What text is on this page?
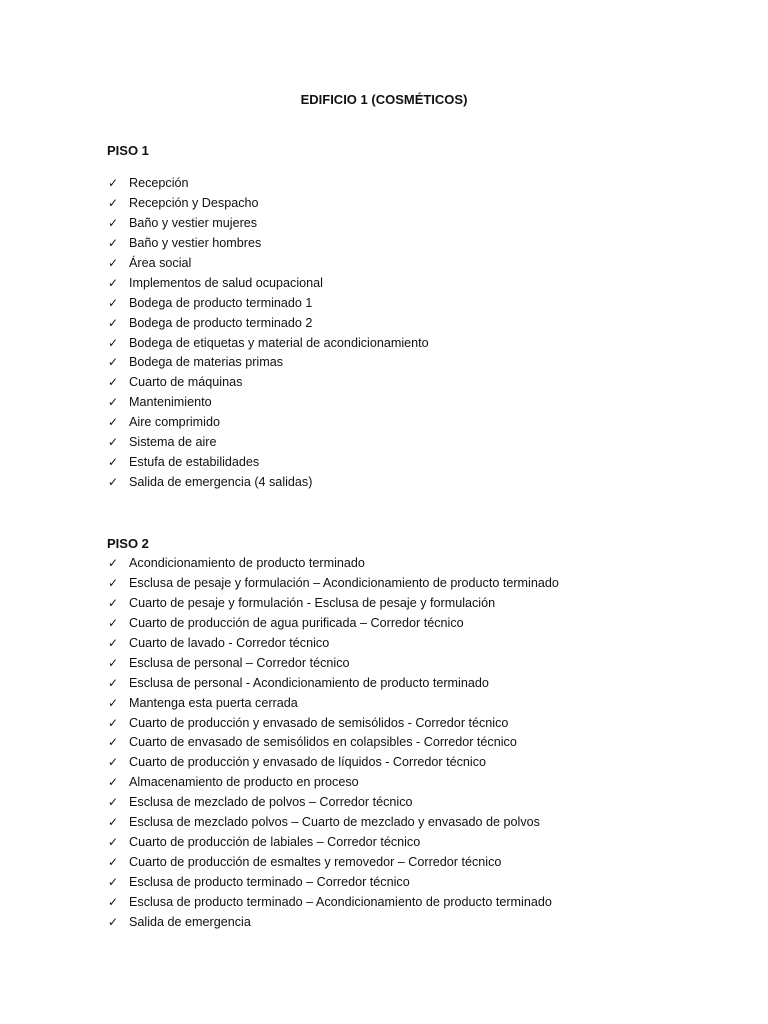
EDIFICIO 1 (COSMÉTICOS)
PISO 1
✓ Recepción
✓ Recepción y Despacho
✓ Baño y vestier mujeres
✓ Baño y vestier hombres
✓ Área social
✓ Implementos de salud ocupacional
✓ Bodega de producto terminado 1
✓ Bodega de producto terminado 2
✓ Bodega de etiquetas y material de acondicionamiento
✓ Bodega de materias primas
✓ Cuarto de máquinas
✓ Mantenimiento
✓ Aire comprimido
✓ Sistema de aire
✓ Estufa de estabilidades
✓ Salida de emergencia (4 salidas)
PISO 2
✓ Acondicionamiento de producto terminado
✓ Esclusa de pesaje y formulación – Acondicionamiento de producto terminado
✓ Cuarto de pesaje y formulación - Esclusa de pesaje y formulación
✓ Cuarto de producción de agua purificada – Corredor técnico
✓ Cuarto de lavado - Corredor técnico
✓ Esclusa de personal – Corredor técnico
✓ Esclusa de personal - Acondicionamiento de producto terminado
✓ Mantenga esta puerta cerrada
✓ Cuarto de producción y envasado de semisólidos - Corredor técnico
✓ Cuarto de envasado de semisólidos en colapsibles - Corredor técnico
✓ Cuarto de producción y envasado de líquidos - Corredor técnico
✓ Almacenamiento de producto en proceso
✓ Esclusa de mezclado de polvos – Corredor técnico
✓ Esclusa de mezclado polvos – Cuarto de mezclado y envasado de polvos
✓ Cuarto de producción de labiales – Corredor técnico
✓ Cuarto de producción de esmaltes y removedor – Corredor técnico
✓ Esclusa de producto terminado – Corredor técnico
✓ Esclusa de producto terminado – Acondicionamiento de producto terminado
✓ Salida de emergencia
